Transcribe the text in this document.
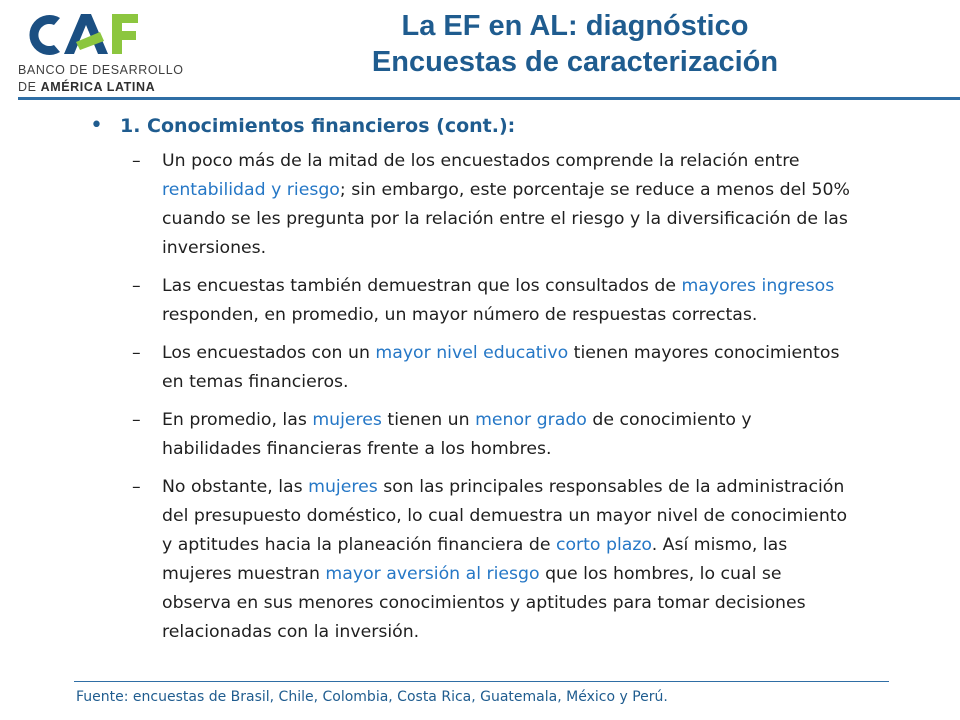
BANCO DE DESARROLLO
DE AMÉRICA LATINA
La EF en AL: diagnóstico
Encuestas de caracterización
• 1. Conocimientos financieros (cont.):
– Un poco más de la mitad de los encuestados comprende la relación entre rentabilidad y riesgo; sin embargo, este porcentaje se reduce a menos del 50% cuando se les pregunta por la relación entre el riesgo y la diversificación de las inversiones.
– Las encuestas también demuestran que los consultados de mayores ingresos responden, en promedio, un mayor número de respuestas correctas.
– Los encuestados con un mayor nivel educativo tienen mayores conocimientos en temas financieros.
– En promedio, las mujeres tienen un menor grado de conocimiento y habilidades financieras frente a los hombres.
– No obstante, las mujeres son las principales responsables de la administración del presupuesto doméstico, lo cual demuestra un mayor nivel de conocimiento y aptitudes hacia la planeación financiera de corto plazo. Así mismo, las mujeres muestran mayor aversión al riesgo que los hombres, lo cual se observa en sus menores conocimientos y aptitudes para tomar decisiones relacionadas con la inversión.
Fuente: encuestas de Brasil, Chile, Colombia, Costa Rica, Guatemala, México y Perú.
